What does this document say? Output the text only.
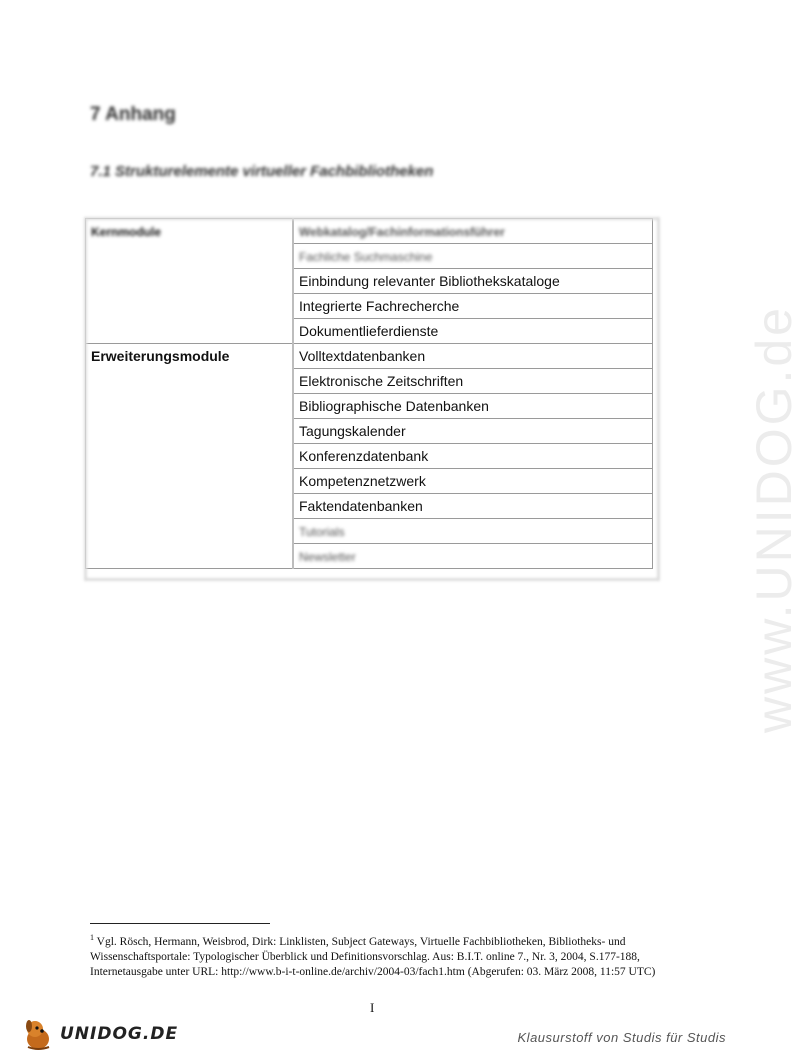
7 Anhang
7.1 Strukturelemente virtueller Fachbibliotheken
www.UNIDOG.de
Kernmodule	Webkatalog/Fachinformationsführer
	Fachliche Suchmaschine
	Einbindung relevanter Bibliothekskataloge
	Integrierte Fachrecherche
	Dokumentlieferdienste
Erweiterungsmodule	Volltextdatenbanken
	Elektronische Zeitschriften
	Bibliographische Datenbanken
	Tagungskalender
	Konferenzdatenbank
	Kompetenznetzwerk
	Faktendatenbanken
	Tutorials
	Newsletter
$^1$ Vgl. Rösch, Hermann, Weisbrod, Dirk: Linklisten, Subject Gateways, Virtuelle Fachbibliotheken, Bibliotheks- und Wissenschaftsportale: Typologischer Überblick und Definitionsvorschlag. Aus: B.I.T. online 7., Nr. 3, 2004, S.177-188, Internetausgabe unter URL: http://www.b-i-t-online.de/archiv/2004-03/fach1.htm (Abgerufen: 03. März 2008, 11:57 UTC)
I
UNIDOG.DE	Klausurstoff von Studis für Studis
